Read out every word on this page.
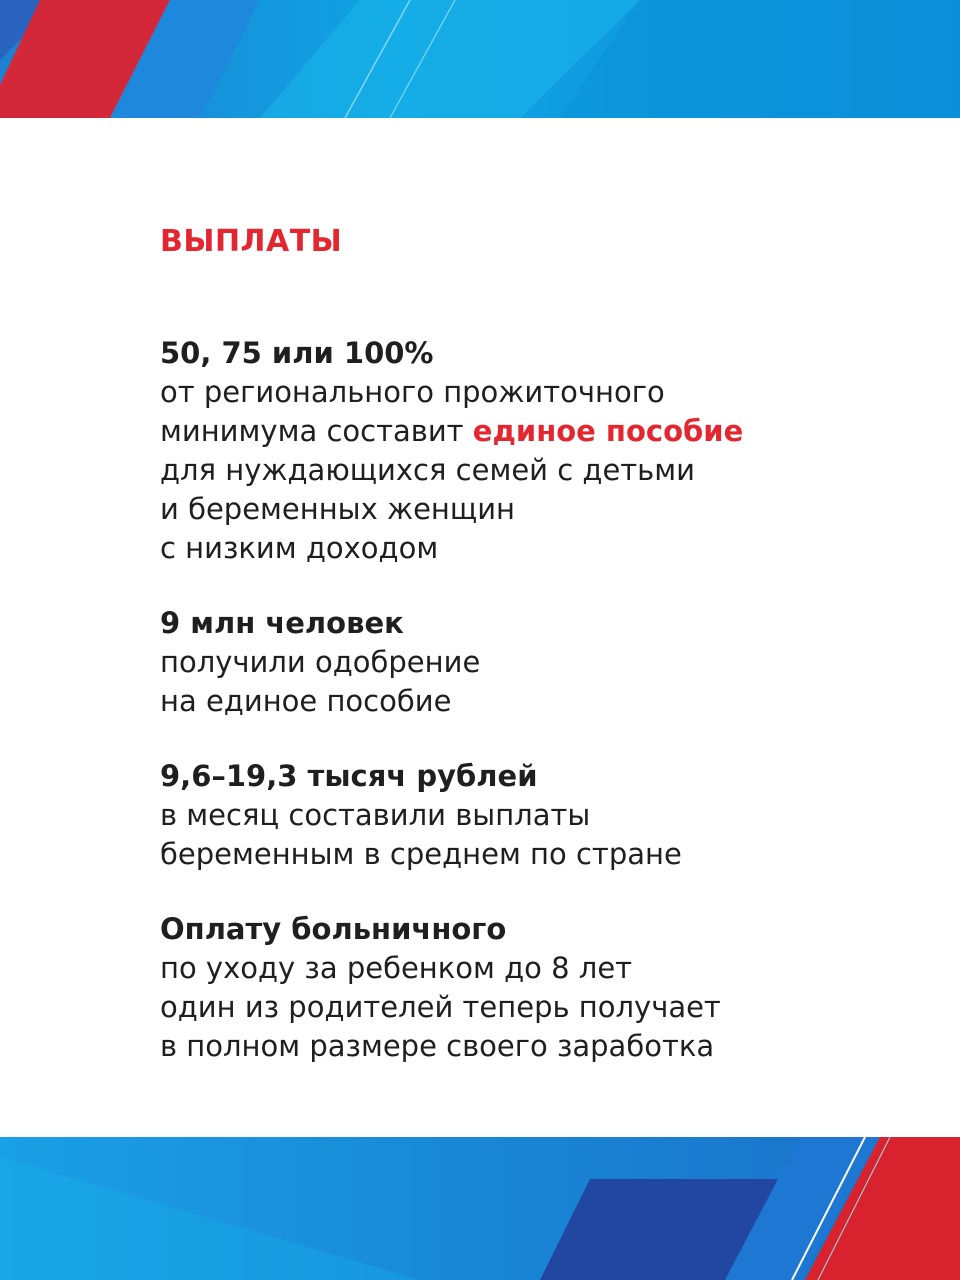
ВЫПЛАТЫ

50, 75 или 100%

от регионального прожиточного

минимума составит единое пособие

для нуждающихся семей с детьми

и беременных женщин

с низким доходом

9 млн человек

получили одобрение

на единое пособие

9,6–19,3 тысяч рублей

в месяц составили выплаты

беременным в среднем по стране

Оплату больничного

по уходу за ребенком до 8 лет

один из родителей теперь получает

в полном размере своего заработка
